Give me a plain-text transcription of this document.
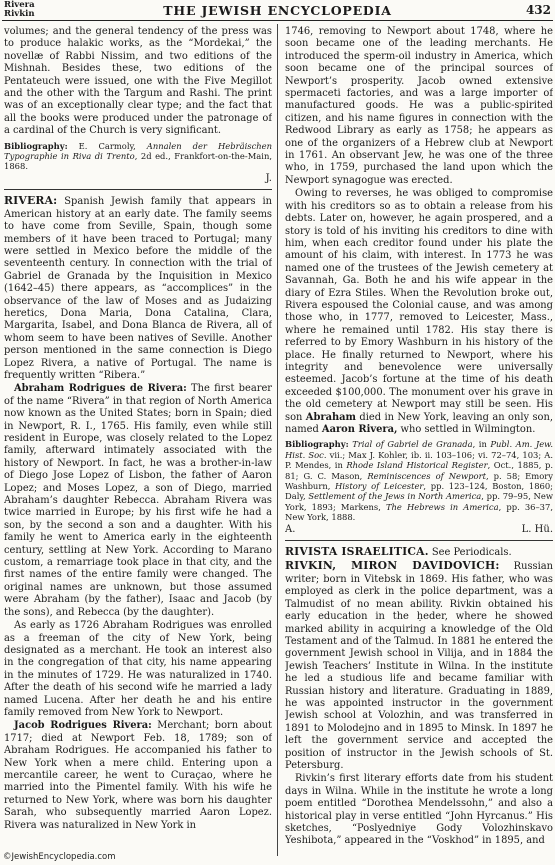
Rivera
Rivkin	THE JEWISH ENCYCLOPEDIA	432

volumes; and the general tendency of the press was to produce halakic works, as the “Mordekai,” the novellæ of Rabbi Nissim, and two editions of the Mishnah. Besides these, two editions of the Pentateuch were issued, one with the Five Megillot and the other with the Targum and Rashi. The print was of an exceptionally clear type; and the fact that all the books were produced under the patronage of a cardinal of the Church is very significant.

Bibliography: E. Carmoly, Annalen der Hebräischen Typographie in Riva di Trento, 2d ed., Frankfort-on-the-Main, 1868.

J.

RIVERA: Spanish Jewish family that appears in American history at an early date. The family seems to have come from Seville, Spain, though some members of it have been traced to Portugal; many were settled in Mexico before the middle of the seventeenth century. In connection with the trial of Gabriel de Granada by the Inquisition in Mexico (1642–45) there appears, as “accomplices” in the observance of the law of Moses and as Judaizing heretics, Dona Maria, Dona Catalina, Clara, Margarita, Isabel, and Dona Blanca de Rivera, all of whom seem to have been natives of Seville. Another person mentioned in the same connection is Diego Lopez Rivera, a native of Portugal. The name is frequently written “Ribera.”

Abraham Rodrigues de Rivera: The first bearer of the name “Rivera” in that region of North America now known as the United States; born in Spain; died in Newport, R. I., 1765. His family, even while still resident in Europe, was closely related to the Lopez family, afterward intimately associated with the history of Newport. In fact, he was a brother-in-law of Diego Jose Lopez of Lisbon, the father of Aaron Lopez; and Moses Lopez, a son of Diego, married Abraham’s daughter Rebecca. Abraham Rivera was twice married in Europe; by his first wife he had a son, by the second a son and a daughter. With his family he went to America early in the eighteenth century, settling at New York. According to Marano custom, a remarriage took place in that city, and the first names of the entire family were changed. The original names are unknown, but those assumed were Abraham (by the father), Isaac and Jacob (by the sons), and Rebecca (by the daughter).

As early as 1726 Abraham Rodrigues was enrolled as a freeman of the city of New York, being designated as a merchant. He took an interest also in the congregation of that city, his name appearing in the minutes of 1729. He was naturalized in 1740. After the death of his second wife he married a lady named Lucena. After her death he and his entire family removed from New York to Newport.

Jacob Rodrigues Rivera: Merchant; born about 1717; died at Newport Feb. 18, 1789; son of Abraham Rodrigues. He accompanied his father to New York when a mere child. Entering upon a mercantile career, he went to Curaçao, where he married into the Pimentel family. With his wife he returned to New York, where was born his daughter Sarah, who subsequently married Aaron Lopez. Rivera was naturalized in New York in

1746, removing to Newport about 1748, where he soon became one of the leading merchants. He introduced the sperm-oil industry in America, which soon became one of the principal sources of Newport’s prosperity. Jacob owned extensive spermaceti factories, and was a large importer of manufactured goods. He was a public-spirited citizen, and his name figures in connection with the Redwood Library as early as 1758; he appears as one of the organizers of a Hebrew club at Newport in 1761. An observant Jew, he was one of the three who, in 1759, purchased the land upon which the Newport synagogue was erected.

Owing to reverses, he was obliged to compromise with his creditors so as to obtain a release from his debts. Later on, however, he again prospered, and a story is told of his inviting his creditors to dine with him, when each creditor found under his plate the amount of his claim, with interest. In 1773 he was named one of the trustees of the Jewish cemetery at Savannah, Ga. Both he and his wife appear in the diary of Ezra Stiles. When the Revolution broke out, Rivera espoused the Colonial cause, and was among those who, in 1777, removed to Leicester, Mass., where he remained until 1782. His stay there is referred to by Emory Washburn in his history of the place. He finally returned to Newport, where his integrity and benevolence were universally esteemed. Jacob’s fortune at the time of his death exceeded $100,000. The monument over his grave in the old cemetery at Newport may still be seen. His son Abraham died in New York, leaving an only son, named Aaron Rivera, who settled in Wilmington.

Bibliography: Trial of Gabriel de Granada, in Publ. Am. Jew. Hist. Soc. vii.; Max J. Kohler, ib. ii. 103–106; vi. 72–74, 103; A. P. Mendes, in Rhode Island Historical Register, Oct., 1885, p. 81; G. C. Mason, Reminiscences of Newport, p. 58; Emory Washburn, History of Leicester, pp. 123–124, Boston, 1860; Daly, Settlement of the Jews in North America, pp. 79–95, New York, 1893; Markens, The Hebrews in America, pp. 36–37, New York, 1888.

A.	L. Hü.

RIVISTA ISRAELITICA. See Periodicals.

RIVKIN, MIRON DAVIDOVICH: Russian writer; born in Vitebsk in 1869. His father, who was employed as clerk in the police department, was a Talmudist of no mean ability. Rivkin obtained his early education in the ḥeder, where he showed marked ability in acquiring a knowledge of the Old Testament and of the Talmud. In 1881 he entered the government Jewish school in Vilija, and in 1884 the Jewish Teachers’ Institute in Wilna. In the institute he led a studious life and became familiar with Russian history and literature. Graduating in 1889, he was appointed instructor in the government Jewish school at Volozhin, and was transferred in 1891 to Molodejno and in 1895 to Minsk. In 1897 he left the government service and accepted the position of instructor in the Jewish schools of St. Petersburg.

Rivkin’s first literary efforts date from his student days in Wilna. While in the institute he wrote a long poem entitled “Dorothea Mendelssohn,” and also a historical play in verse entitled “John Hyrcanus.” His sketches, “Poslyedniye Gody Volozhinskavo Yeshibota,” appeared in the “Voskhod” in 1895, and

©JewishEncyclopedia.com
